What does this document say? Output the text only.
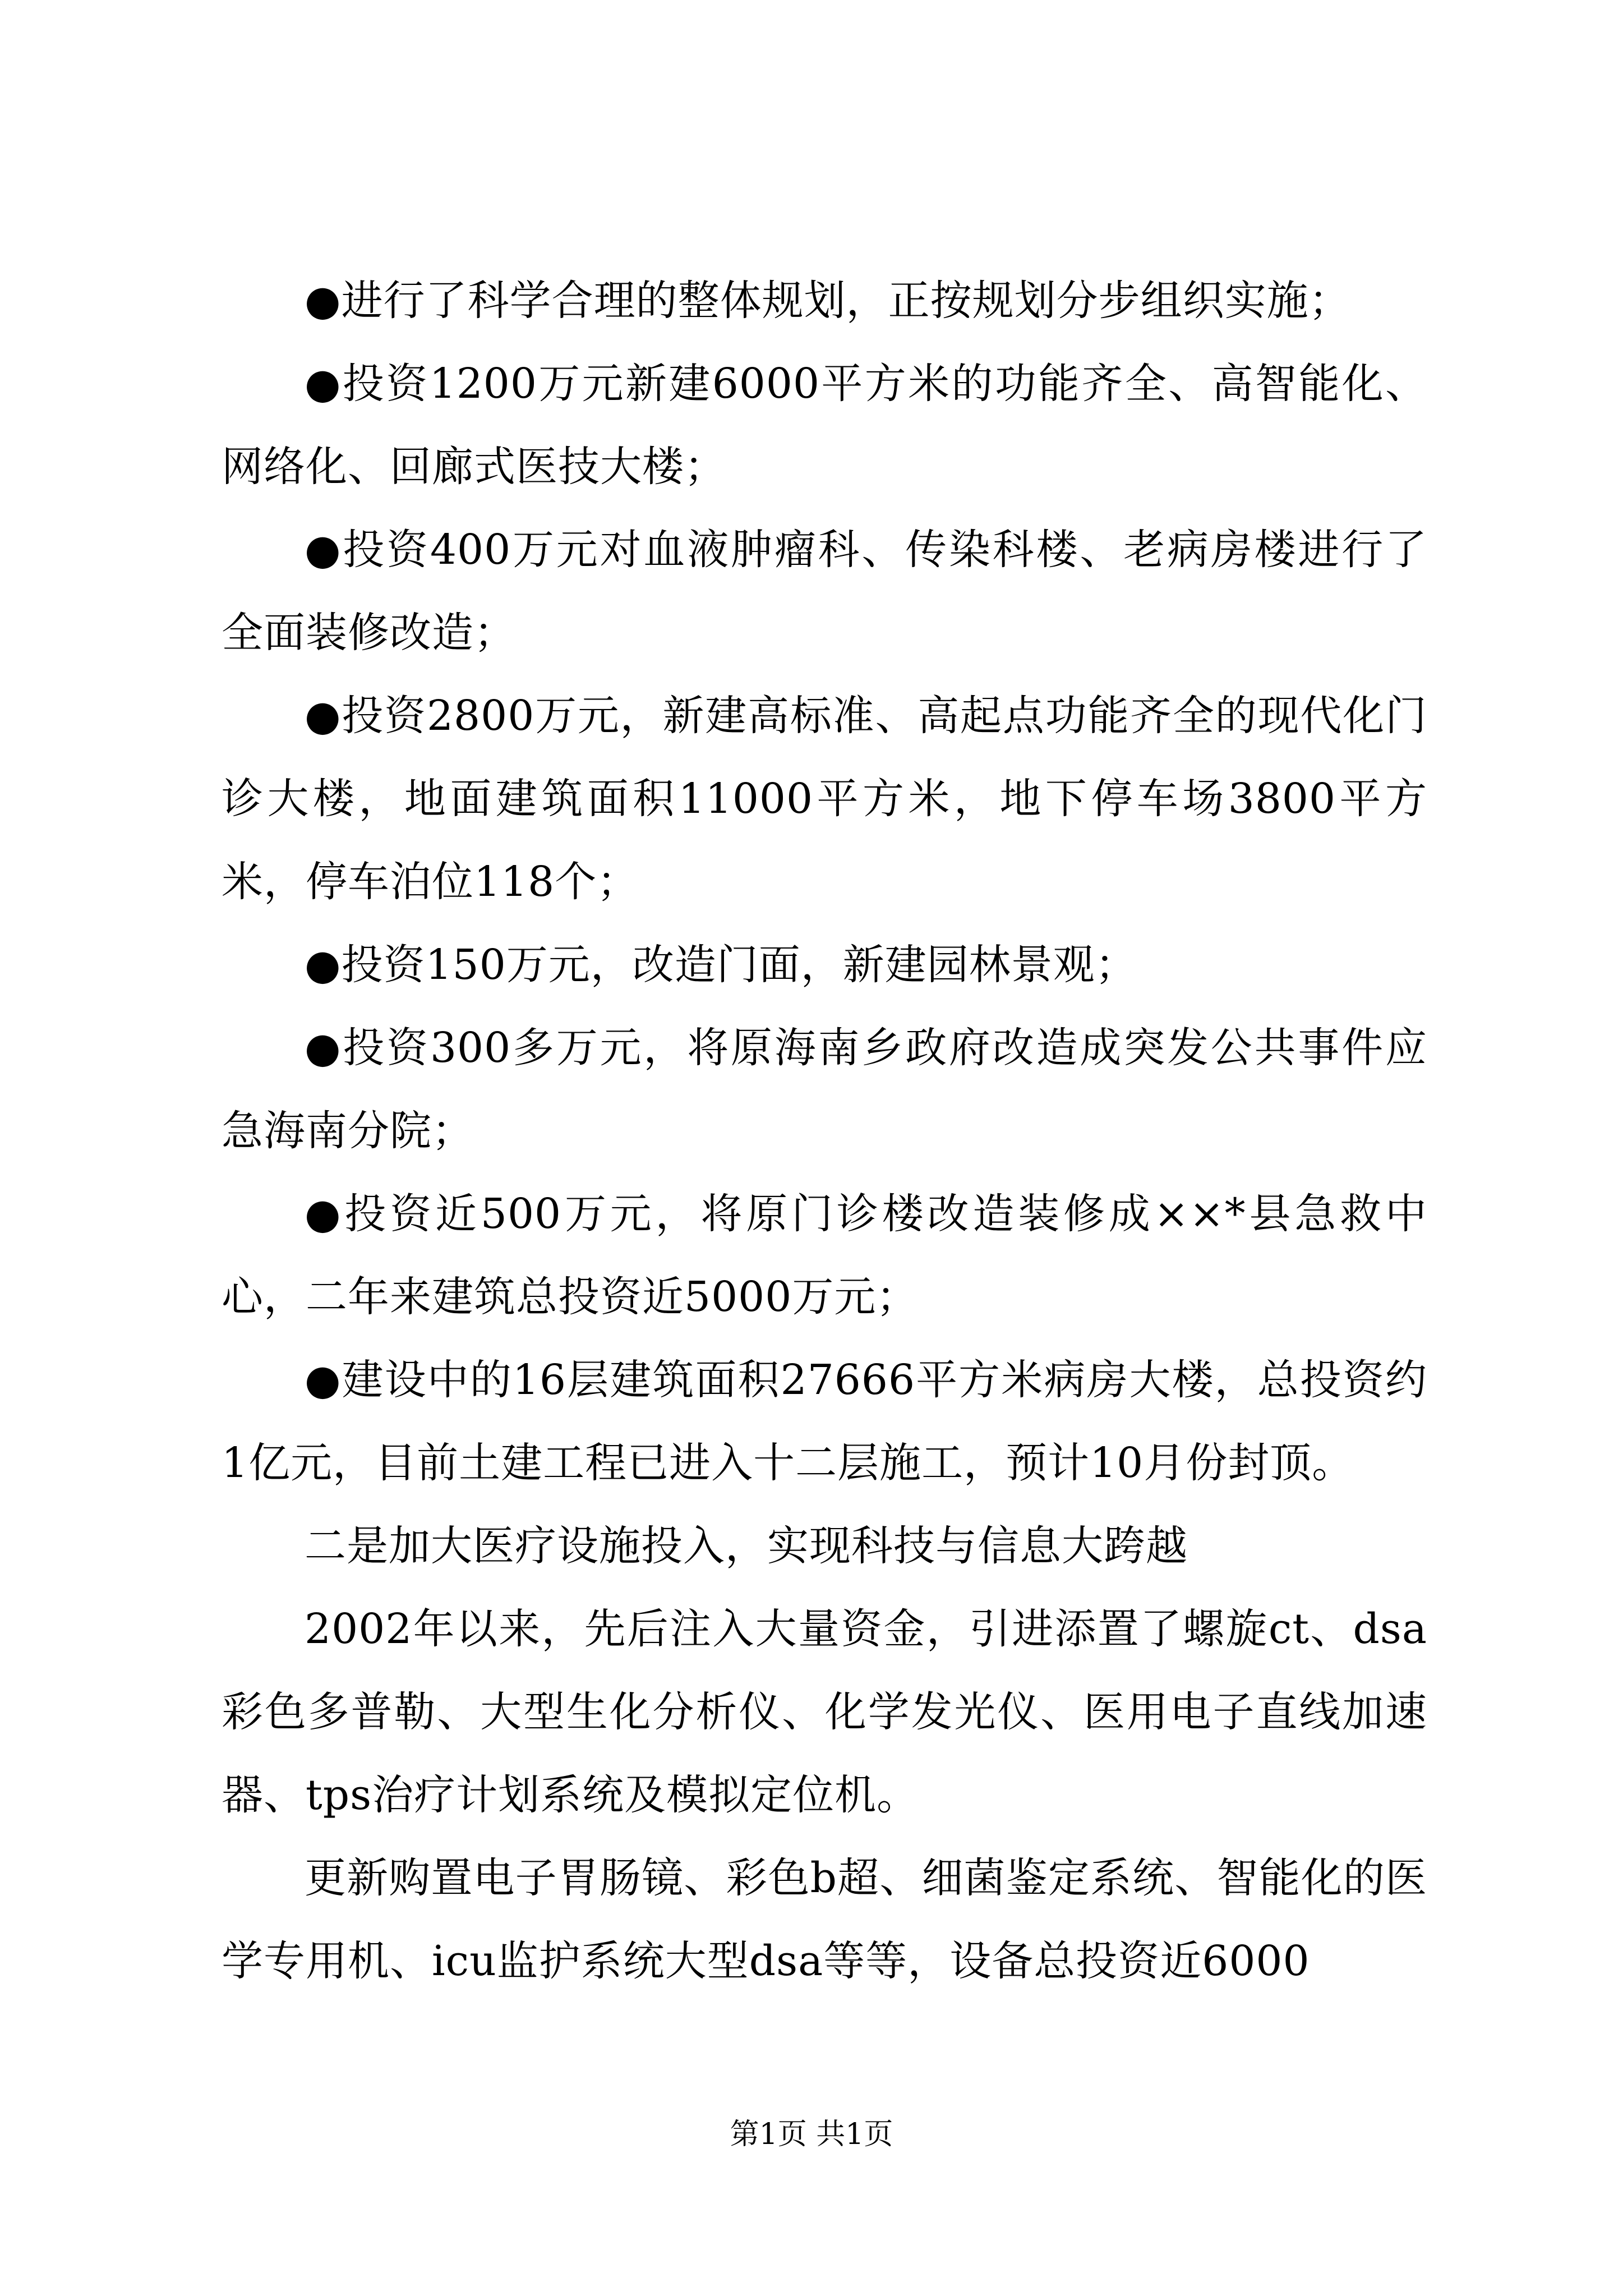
●进行了科学合理的整体规划，正按规划分步组织实施；

●投资1200万元新建6000平方米的功能齐全、高智能化、网络化、回廊式医技大楼；

●投资400万元对血液肿瘤科、传染科楼、老病房楼进行了全面装修改造；

●投资2800万元，新建高标准、高起点功能齐全的现代化门诊大楼，地面建筑面积11000平方米，地下停车场3800平方米，停车泊位118个；

●投资150万元，改造门面，新建园林景观；

●投资300多万元，将原海南乡政府改造成突发公共事件应急海南分院；

●投资近500万元，将原门诊楼改造装修成××*县急救中心，二年来建筑总投资近5000万元；

●建设中的16层建筑面积27666平方米病房大楼，总投资约1亿元，目前土建工程已进入十二层施工，预计10月份封顶。

二是加大医疗设施投入，实现科技与信息大跨越

2002年以来，先后注入大量资金，引进添置了螺旋ct、dsa彩色多普勒、大型生化分析仪、化学发光仪、医用电子直线加速器、tps治疗计划系统及模拟定位机。

更新购置电子胃肠镜、彩色b超、细菌鉴定系统、智能化的医学专用机、icu监护系统大型dsa等等，设备总投资近6000

第1页 共1页
